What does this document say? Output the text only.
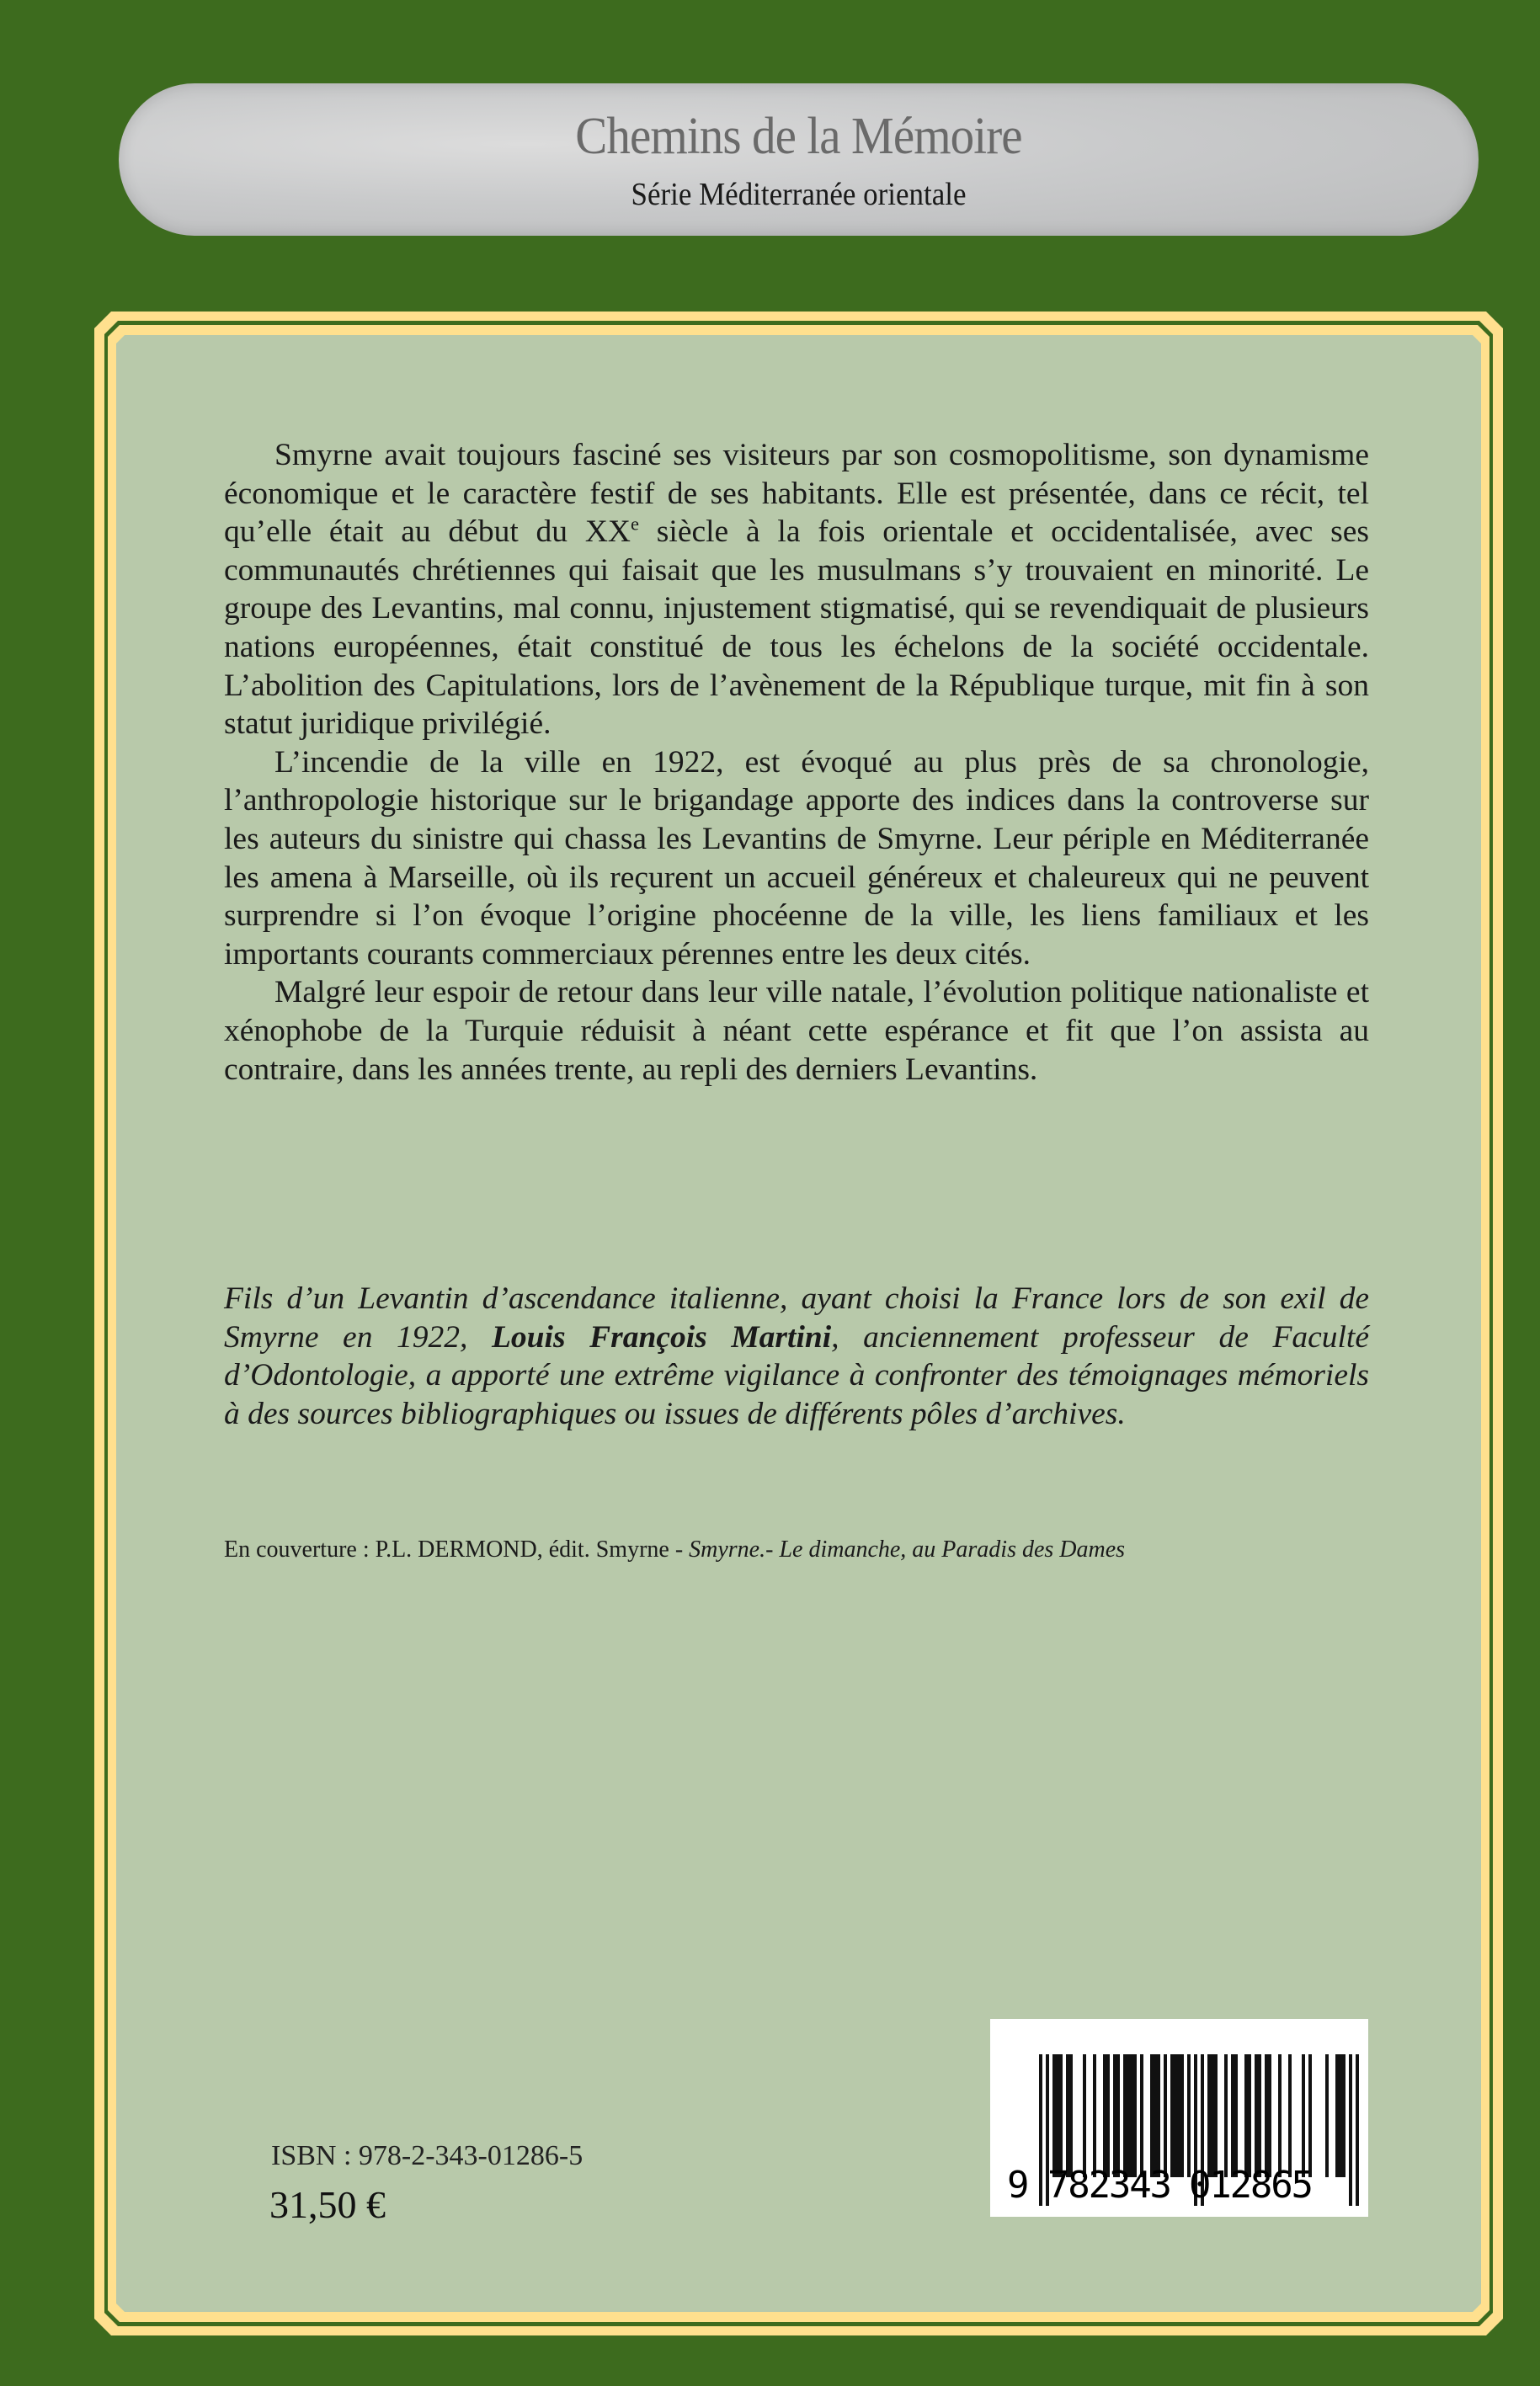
Chemins de la Mémoire
Série Méditerranée orientale

Smyrne avait toujours fasciné ses visiteurs par son cosmopolitisme, son dynamisme économique et le caractère festif de ses habitants. Elle est présentée, dans ce récit, tel qu’elle était au début du XXe siècle à la fois orientale et occidentalisée, avec ses communautés chrétiennes qui faisait que les musulmans s’y trouvaient en minorité. Le groupe des Levantins, mal connu, injustement stigmatisé, qui se revendiquait de plusieurs nations européennes, était constitué de tous les échelons de la société occidentale. L’abolition des Capitulations, lors de l’avènement de la République turque, mit fin à son statut juridique privilégié.

L’incendie de la ville en 1922, est évoqué au plus près de sa chronologie, l’anthropologie historique sur le brigandage apporte des indices dans la controverse sur les auteurs du sinistre qui chassa les Levantins de Smyrne. Leur périple en Méditerranée les amena à Marseille, où ils reçurent un accueil généreux et chaleureux qui ne peuvent surprendre si l’on évoque l’origine phocéenne de la ville, les liens familiaux et les importants courants commerciaux pérennes entre les deux cités.

Malgré leur espoir de retour dans leur ville natale, l’évolution politique nationaliste et xénophobe de la Turquie réduisit à néant cette espérance et fit que l’on assista au contraire, dans les années trente, au repli des derniers Levantins.

Fils d’un Levantin d’ascendance italienne, ayant choisi la France lors de son exil de Smyrne en 1922, Louis François Martini, anciennement professeur de Faculté d’Odontologie, a apporté une extrême vigilance à confronter des témoignages mémoriels à des sources bibliographiques ou issues de différents pôles d’archives.
En couverture : P.L. DERMOND, édit. Smyrne - Smyrne.- Le dimanche, au Paradis des Dames
ISBN : 978-2-343-01286-5
31,50 €	9 782343 012865
